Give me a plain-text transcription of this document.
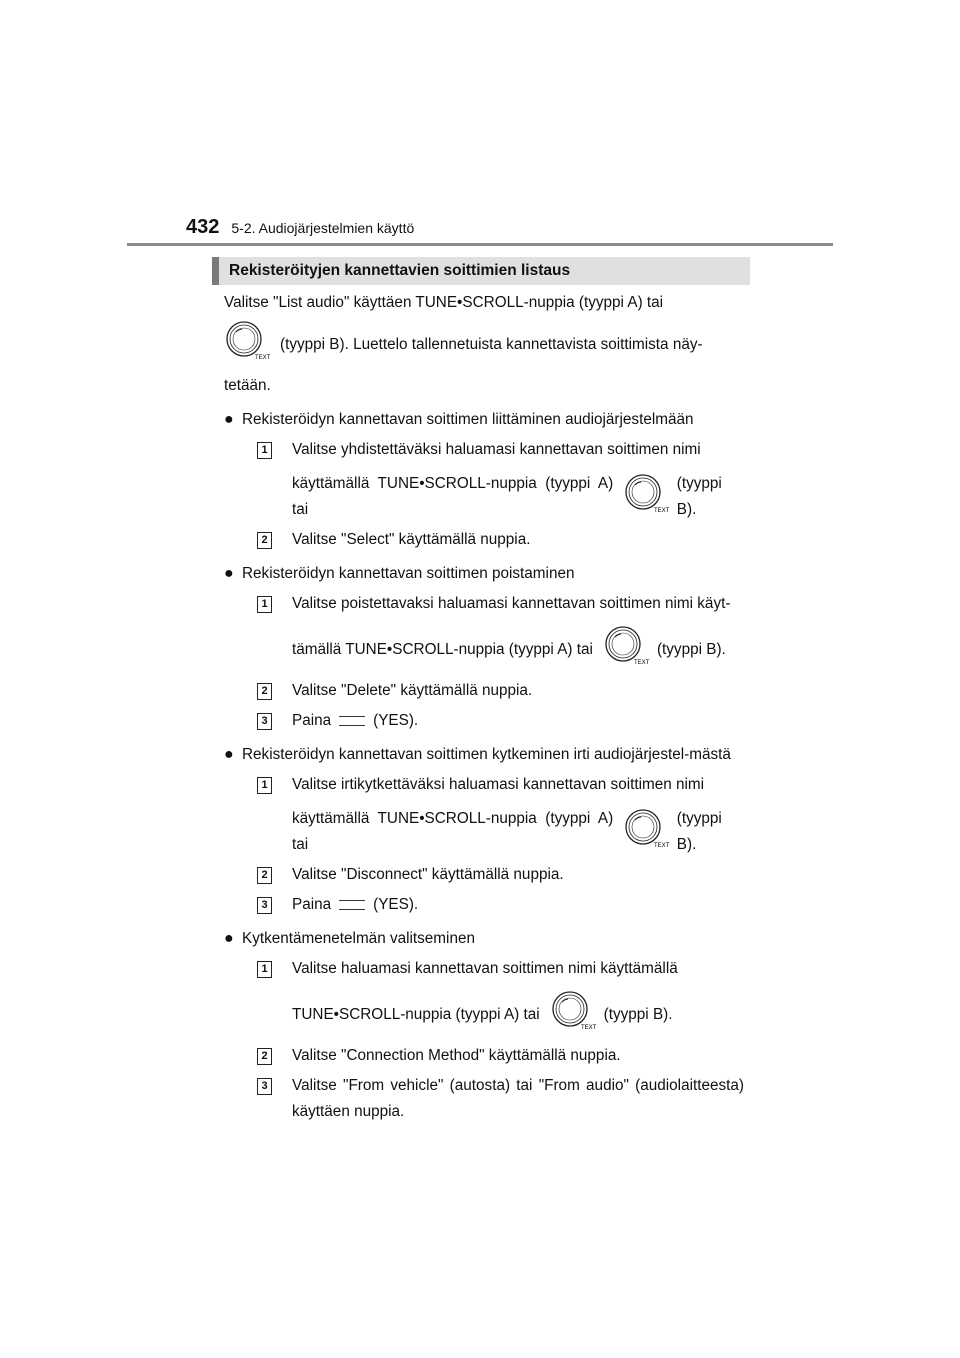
432 5-2. Audiojärjestelmien käyttö
Rekisteröityjen kannettavien soittimien listaus
Valitse "List audio" käyttäen TUNE•SCROLL-nuppia (tyyppi A) tai
TEXT
(tyyppi B). Luettelo tallennetuista kannettavista soittimista näy-
tetään.
● Rekisteröidyn kannettavan soittimen liittäminen audiojärjestelmään
1 Valitse yhdistettäväksi haluamasi kannettavan soittimen nimi
käyttämällä TUNE•SCROLL-nuppia (tyyppi A) tai	TEXT
(tyyppi B).
2 Valitse "Select" käyttämällä nuppia.
● Rekisteröidyn kannettavan soittimen poistaminen
1 Valitse poistettavaksi haluamasi kannettavan soittimen nimi käyt-
tämällä TUNE•SCROLL-nuppia (tyyppi A) tai
TEXT
(tyyppi B).
2 Valitse "Delete" käyttämällä nuppia.
3 Paina	(YES).
● Rekisteröidyn kannettavan soittimen kytkeminen irti audiojärjestel-mästä
1 Valitse irtikytkettäväksi haluamasi kannettavan soittimen nimi
käyttämällä TUNE•SCROLL-nuppia (tyyppi A) tai	TEXT
(tyyppi B).
2 Valitse "Disconnect" käyttämällä nuppia.
3 Paina	(YES).
● Kytkentämenetelmän valitseminen
1 Valitse haluamasi kannettavan soittimen nimi käyttämällä
TUNE•SCROLL-nuppia (tyyppi A) tai
TEXT
(tyyppi B).
2 Valitse "Connection Method" käyttämällä nuppia.
3 Valitse "From vehicle" (autosta) tai "From audio" (audiolaitteesta) käyttäen nuppia.
